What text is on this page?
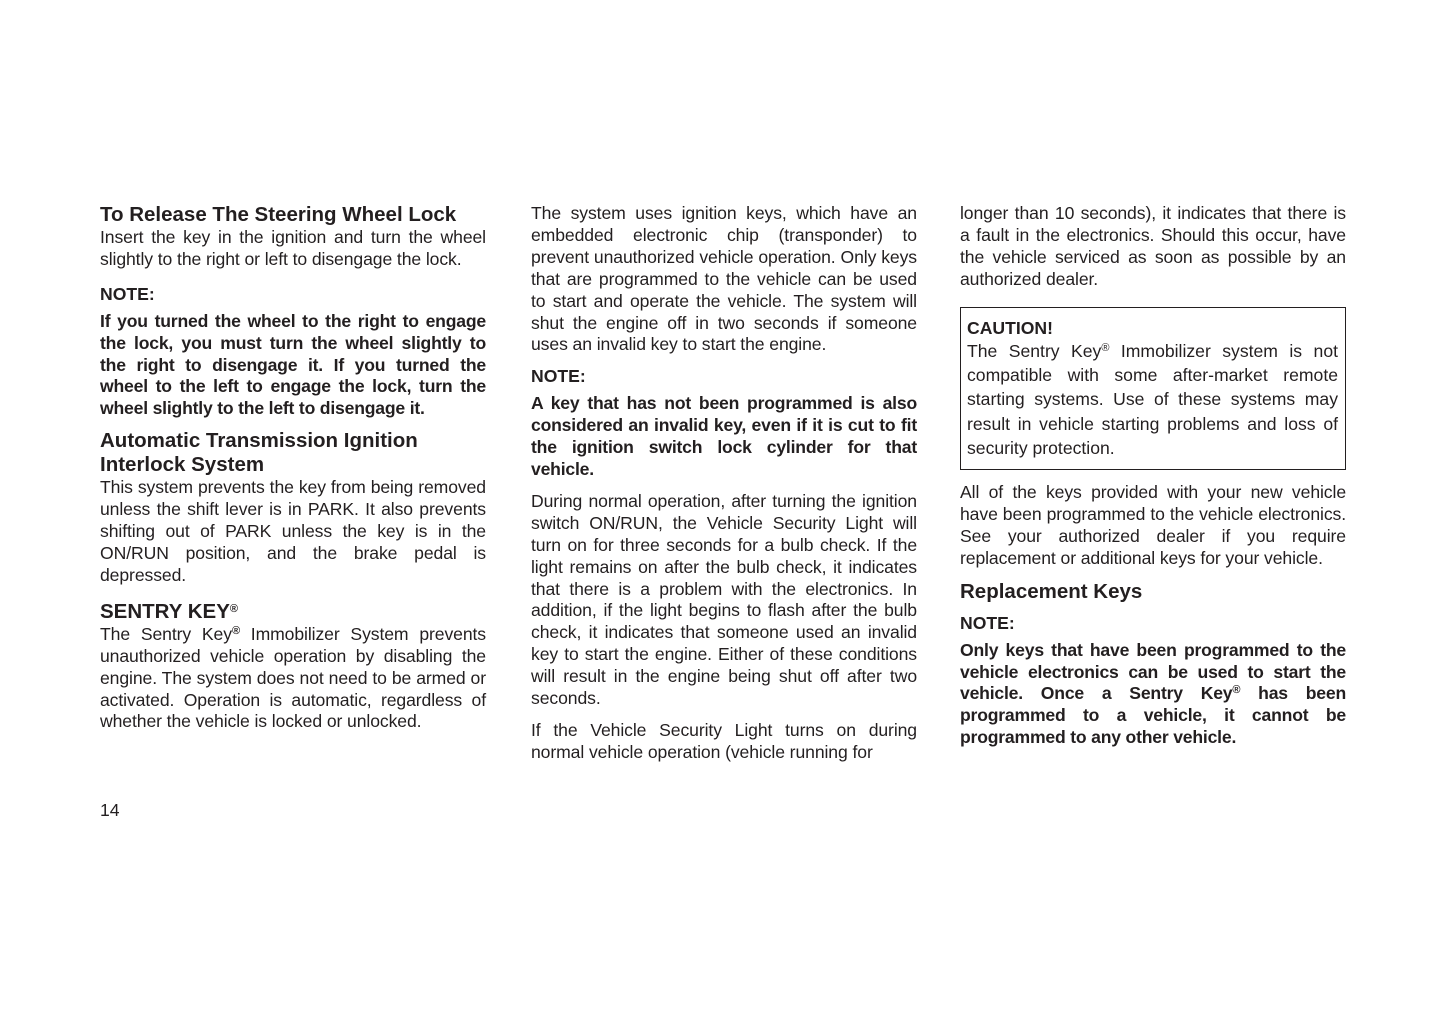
To Release The Steering Wheel Lock

Insert the key in the ignition and turn the wheel slightly to the right or left to disengage the lock.

NOTE:

If you turned the wheel to the right to engage the lock, you must turn the wheel slightly to the right to disengage it. If you turned the wheel to the left to engage the lock, turn the wheel slightly to the left to disengage it.

Automatic Transmission Ignition Interlock System

This system prevents the key from being removed unless the shift lever is in PARK. It also prevents shifting out of PARK unless the key is in the ON/RUN position, and the brake pedal is depressed.

SENTRY KEY®

The Sentry Key® Immobilizer System prevents unauthorized vehicle operation by disabling the engine. The system does not need to be armed or activated. Operation is automatic, regardless of whether the vehicle is locked or unlocked.

The system uses ignition keys, which have an embedded electronic chip (transponder) to prevent unauthorized vehicle operation. Only keys that are programmed to the vehicle can be used to start and operate the vehicle. The system will shut the engine off in two seconds if someone uses an invalid key to start the engine.

NOTE:

A key that has not been programmed is also considered an invalid key, even if it is cut to fit the ignition switch lock cylinder for that vehicle.

During normal operation, after turning the ignition switch ON/RUN, the Vehicle Security Light will turn on for three seconds for a bulb check. If the light remains on after the bulb check, it indicates that there is a problem with the electronics. In addition, if the light begins to flash after the bulb check, it indicates that someone used an invalid key to start the engine. Either of these conditions will result in the engine being shut off after two seconds.

If the Vehicle Security Light turns on during normal vehicle operation (vehicle running for

longer than 10 seconds), it indicates that there is a fault in the electronics. Should this occur, have the vehicle serviced as soon as possible by an authorized dealer.

CAUTION!

The Sentry Key® Immobilizer system is not compatible with some after-market remote starting systems. Use of these systems may result in vehicle starting problems and loss of security protection.

All of the keys provided with your new vehicle have been programmed to the vehicle electronics. See your authorized dealer if you require replacement or additional keys for your vehicle.

Replacement Keys

NOTE:

Only keys that have been programmed to the vehicle electronics can be used to start the vehicle. Once a Sentry Key® has been programmed to a vehicle, it cannot be programmed to any other vehicle.

14
